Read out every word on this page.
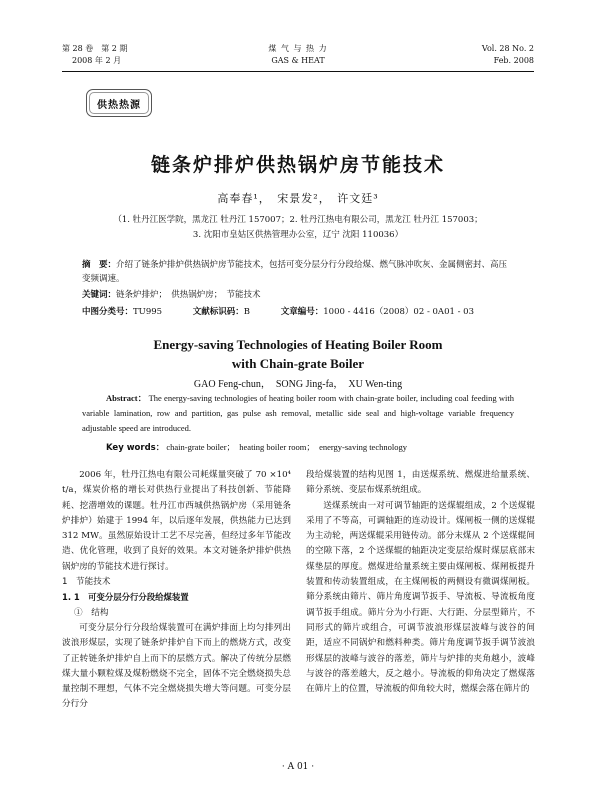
第 28 卷　第 2 期
2008 年 2 月
煤 气 与 热 力
GAS & HEAT
Vol. 28 No. 2
Feb. 2008
供热热源
链条炉排炉供热锅炉房节能技术
高奉春¹，　宋景发²，　许文廷³
（1. 牡丹江医学院，黑龙江 牡丹江 157007；2. 牡丹江热电有限公司，黑龙江 牡丹江 157003；
3. 沈阳市皇姑区供热管理办公室，辽宁 沈阳 110036）
摘　要：介绍了链条炉排炉供热锅炉房节能技术，包括可变分层分行分段给煤、燃气脉冲吹灰、金属侧密封、高压变频调速。
关键词：链条炉排炉；　供热锅炉房；　节能技术
中图分类号：TU995	文献标识码：B	文章编号：1000 - 4416（2008）02 - 0A01 - 03
Energy-saving Technologies of Heating Boiler Room
with Chain-grate Boiler
GAO Feng-chun，　SONG Jing-fa，　XU Wen-ting
Abstract： The energy-saving technologies of heating boiler room with chain-grate boiler, including coal feeding with variable lamination, row and partition, gas pulse ash removal, metallic side seal and high-voltage variable frequency adjustable speed are introduced.
Key words： chain-grate boiler；　heating boiler room；　energy-saving technology

2006 年，牡丹江热电有限公司耗煤量突破了 70 ×10⁴ t/a，煤炭价格的增长对供热行业提出了科技创新、节能降耗、挖潜增效的课题。牡丹江市西城供热锅炉房（采用链条炉排炉）始建于 1994 年，以后逐年发展，供热能力已达到 312 MW。虽然原始设计工艺不尽完善，但经过多年节能改造、优化管理，收到了良好的效果。本文对链条炉排炉供热锅炉房的节能技术进行探讨。

1　节能技术

1. 1　可变分层分行分段给煤装置

①　结构

可变分层分行分段给煤装置可在满炉排面上均匀排列出波浪形煤层，实现了链条炉排炉自下而上的燃烧方式，改变了正转链条炉排炉自上而下的层燃方式。解决了传统分层燃煤大量小颗粒煤及煤粉燃烧不完全，固体不完全燃烧损失总量控制不理想，气体不完全燃烧损失增大等问题。可变分层分行分

段给煤装置的结构见图 1，由送煤系统、燃煤进给量系统、筛分系统、变层布煤系统组成。

送煤系统由一对可调节轴距的送煤辊组成，2 个送煤辊采用了不等高，可调轴距的连动设计。煤闸板一侧的送煤辊为主动轮，两送煤辊采用链传动。部分末煤从 2 个送煤辊间的空隙下落，2 个送煤辊的轴距决定变层给煤时煤层底部末煤垫层的厚度。燃煤进给量系统主要由煤闸板、煤闸板提升装置和传动装置组成，在主煤闸板的两侧设有微调煤闸板。筛分系统由筛片、筛片角度调节扳手、导流板、导流板角度调节扳手组成。筛片分为小行距、大行距、分层型筛片，不同形式的筛片或组合，可调节波浪形煤层波峰与波谷的间距，适应不同锅炉和燃料种类。筛片角度调节扳手调节波浪形煤层的波峰与波谷的落差，筛片与炉排的夹角越小，波峰与波谷的落差越大，反之越小。导流板的仰角决定了燃煤落在筛片上的位置，导流板的仰角较大时，燃煤会落在筛片的

· A 01 ·
